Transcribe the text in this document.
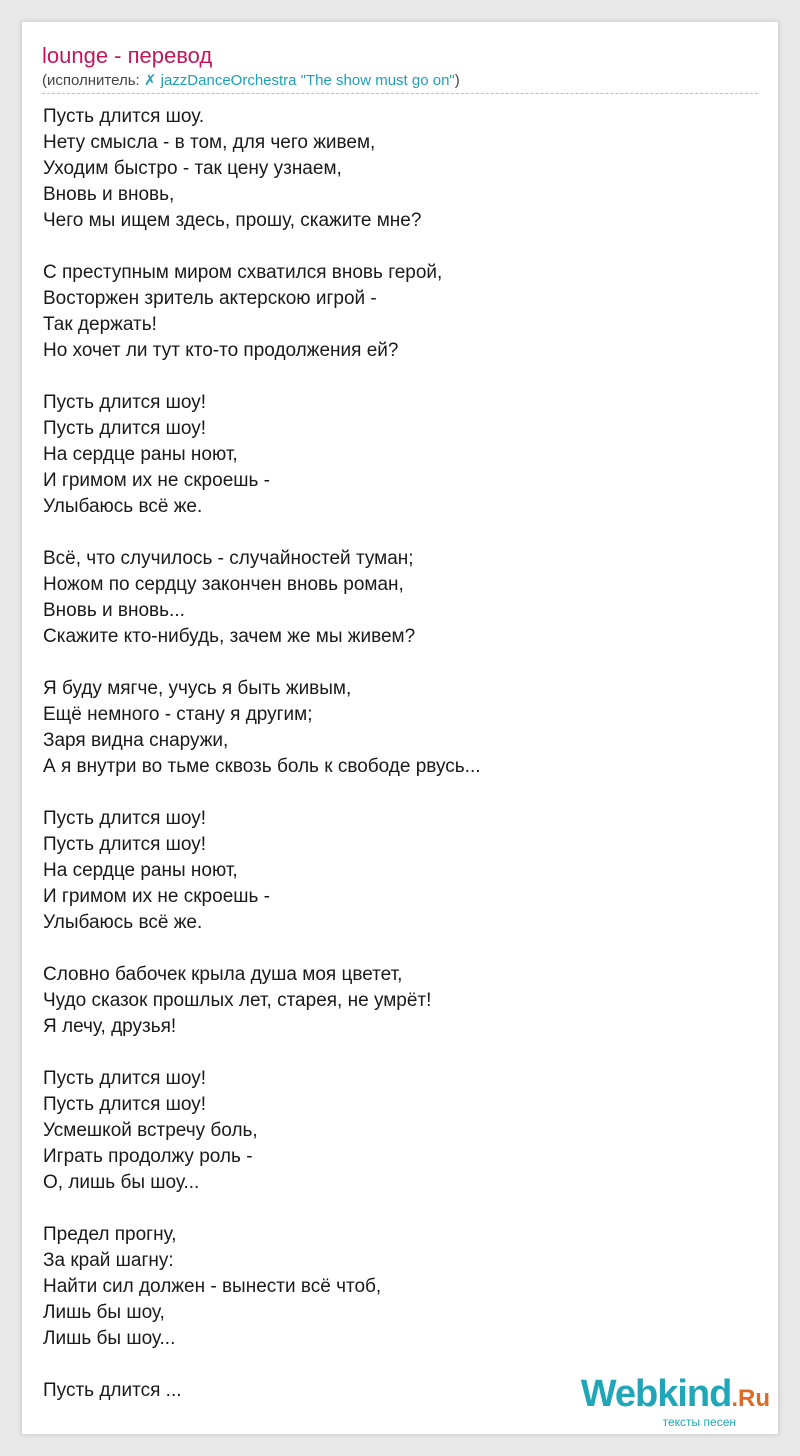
lounge - перевод
(исполнитель: ✗ jazzDanceOrchestra "The show must go on")
Пусть длится шоу.
Нету смысла - в том, для чего живем,
Уходим быстро - так цену узнаем,
Вновь и вновь,
Чего мы ищем здесь, прошу, скажите мне?

С преступным миром схватился вновь герой,
Восторжен зритель актерскою игрой -
Так держать!
Но хочет ли тут кто-то продолжения ей?

Пусть длится шоу!
Пусть длится шоу!
На сердце раны ноют,
И гримом их не скроешь -
Улыбаюсь всё же.

Всё, что случилось - случайностей туман;
Ножом по сердцу закончен вновь роман,
Вновь и вновь...
Скажите кто-нибудь, зачем же мы живем?

Я буду мягче, учусь я быть живым,
Ещё немного - стану я другим;
Заря видна снаружи,
А я внутри во тьме сквозь боль к свободе рвусь...

Пусть длится шоу!
Пусть длится шоу!
На сердце раны ноют,
И гримом их не скроешь -
Улыбаюсь всё же.

Словно бабочек крыла душа моя цветет,
Чудо сказок прошлых лет, старея, не умрёт!
Я лечу, друзья!

Пусть длится шоу!
Пусть длится шоу!
Усмешкой встречу боль,
Играть продолжу роль -
О, лишь бы шоу...

Предел прогну,
За край шагну:
Найти сил должен - вынести всё чтоб,
Лишь бы шоу,
Лишь бы шоу...

Пусть длится ...	Webkind.Ru
тексты песен
